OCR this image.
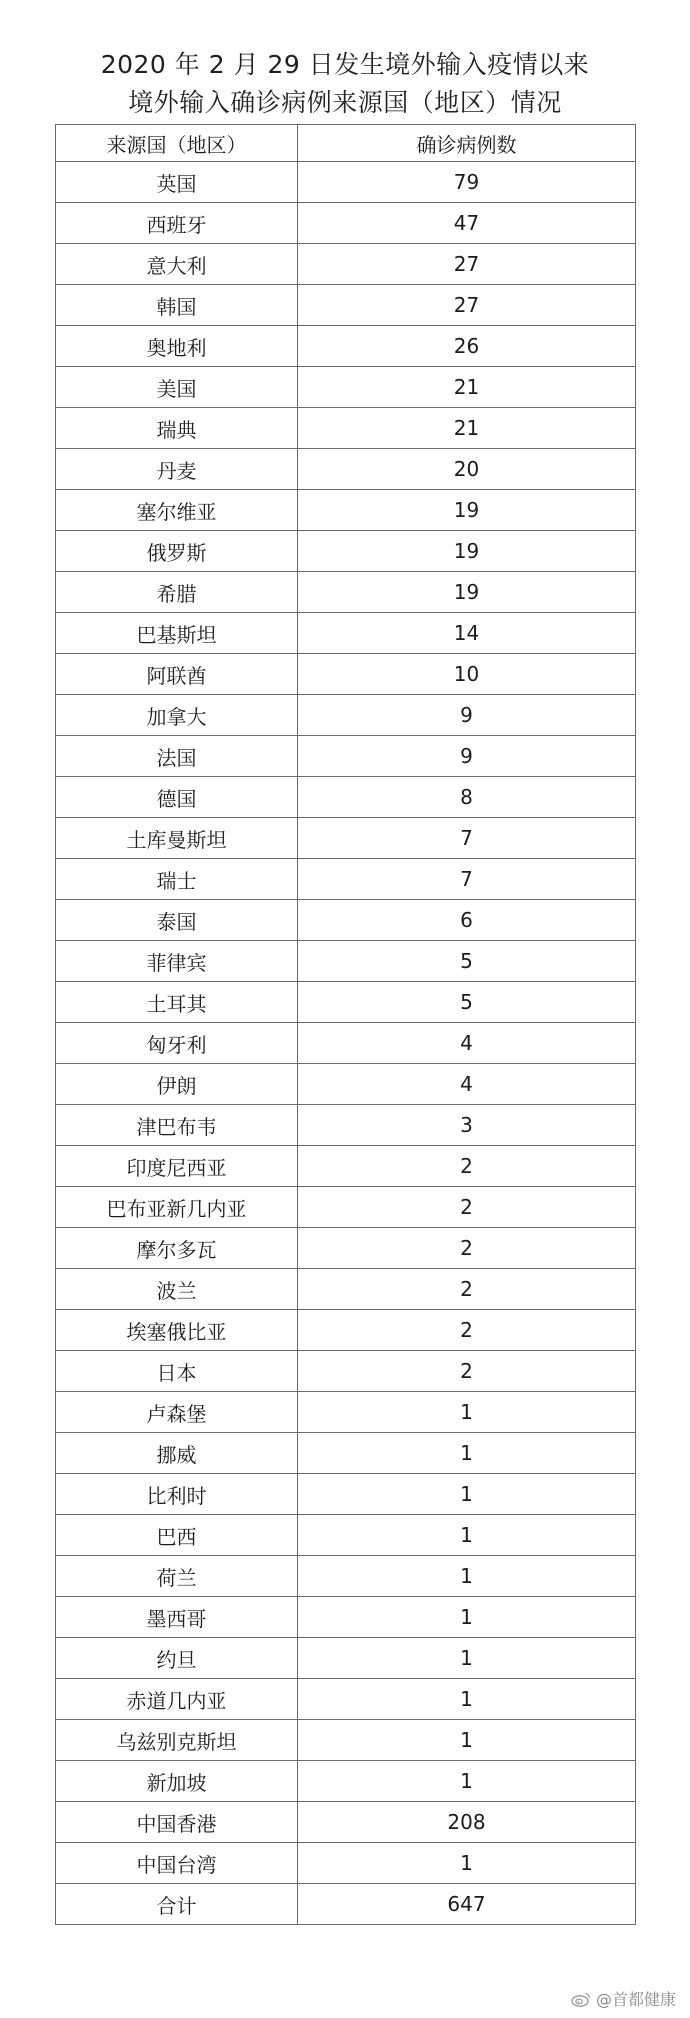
2020 年 2 月 29 日发生境外输入疫情以来
境外输入确诊病例来源国（地区）情况
来源国（地区）	确诊病例数
英国	79
西班牙	47
意大利	27
韩国	27
奥地利	26
美国	21
瑞典	21
丹麦	20
塞尔维亚	19
俄罗斯	19
希腊	19
巴基斯坦	14
阿联酋	10
加拿大	9
法国	9
德国	8
土库曼斯坦	7
瑞士	7
泰国	6
菲律宾	5
土耳其	5
匈牙利	4
伊朗	4
津巴布韦	3
印度尼西亚	2
巴布亚新几内亚	2
摩尔多瓦	2
波兰	2
埃塞俄比亚	2
日本	2
卢森堡	1
挪威	1
比利时	1
巴西	1
荷兰	1
墨西哥	1
约旦	1
赤道几内亚	1
乌兹别克斯坦	1
新加坡	1
中国香港	208
中国台湾	1
合计	647
@首都健康
